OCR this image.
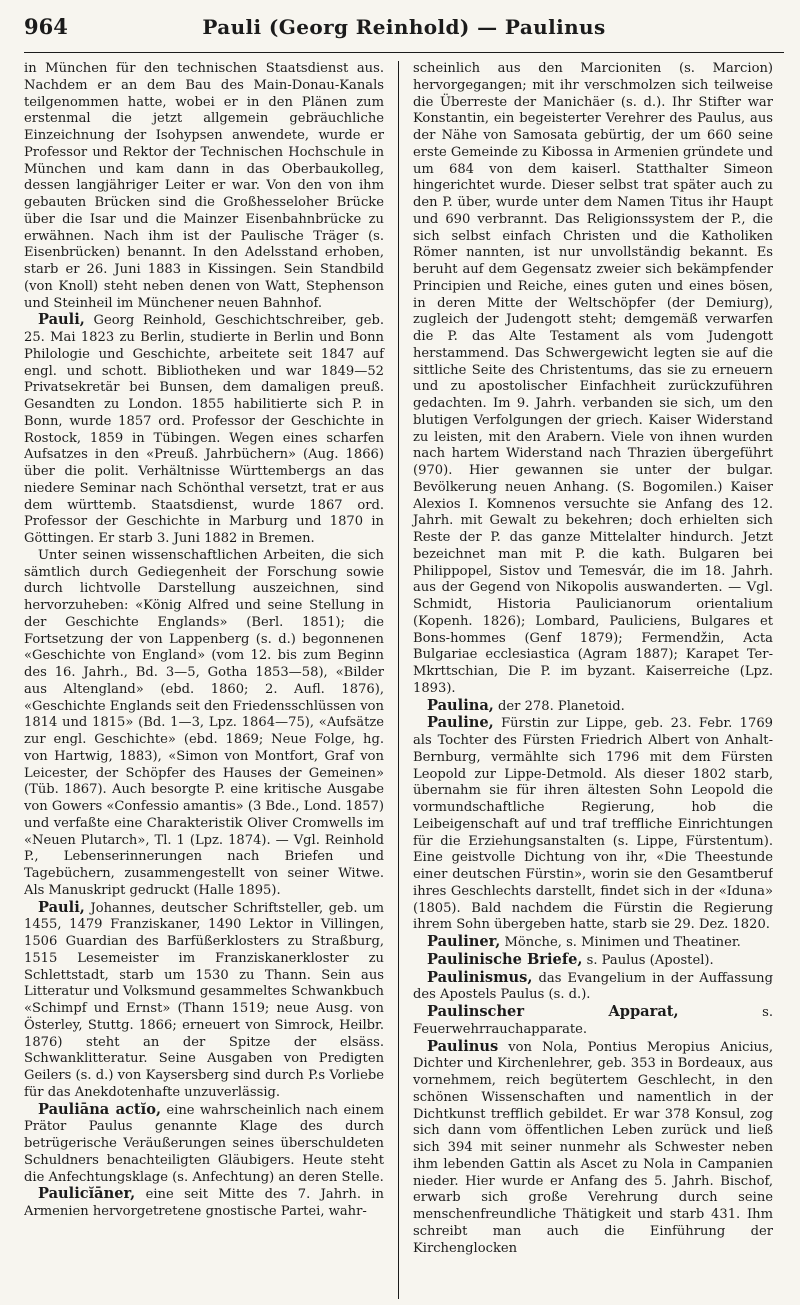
964	Pauli (Georg Reinhold) — Paulinus

in München für den technischen Staatsdienst aus. Nachdem er an dem Bau des Main-Donau-Kanals teilgenommen hatte, wobei er in den Plänen zum erstenmal die jetzt allgemein gebräuchliche Einzeichnung der Isohypsen anwendete, wurde er Professor und Rektor der Technischen Hochschule in München und kam dann in das Oberbaukolleg, dessen langjähriger Leiter er war. Von den von ihm gebauten Brücken sind die Großhesseloher Brücke über die Isar und die Mainzer Eisenbahnbrücke zu erwähnen. Nach ihm ist der Paulische Träger (s. Eisenbrücken) benannt. In den Adelsstand erhoben, starb er 26. Juni 1883 in Kissingen. Sein Standbild (von Knoll) steht neben denen von Watt, Stephenson und Steinheil im Münchener neuen Bahnhof.

Pauli, Georg Reinhold, Geschichtschreiber, geb. 25. Mai 1823 zu Berlin, studierte in Berlin und Bonn Philologie und Geschichte, arbeitete seit 1847 auf engl. und schott. Bibliotheken und war 1849—52 Privatsekretär bei Bunsen, dem damaligen preuß. Gesandten zu London. 1855 habilitierte sich P. in Bonn, wurde 1857 ord. Professor der Geschichte in Rostock, 1859 in Tübingen. Wegen eines scharfen Aufsatzes in den «Preuß. Jahrbüchern» (Aug. 1866) über die polit. Verhältnisse Württembergs an das niedere Seminar nach Schönthal versetzt, trat er aus dem württemb. Staatsdienst, wurde 1867 ord. Professor der Geschichte in Marburg und 1870 in Göttingen. Er starb 3. Juni 1882 in Bremen.

Unter seinen wissenschaftlichen Arbeiten, die sich sämtlich durch Gediegenheit der Forschung sowie durch lichtvolle Darstellung auszeichnen, sind hervorzuheben: «König Alfred und seine Stellung in der Geschichte Englands» (Berl. 1851); die Fortsetzung der von Lappenberg (s. d.) begonnenen «Geschichte von England» (vom 12. bis zum Beginn des 16. Jahrh., Bd. 3—5, Gotha 1853—58), «Bilder aus Altengland» (ebd. 1860; 2. Aufl. 1876), «Geschichte Englands seit den Friedensschlüssen von 1814 und 1815» (Bd. 1—3, Lpz. 1864—75), «Aufsätze zur engl. Geschichte» (ebd. 1869; Neue Folge, hg. von Hartwig, 1883), «Simon von Montfort, Graf von Leicester, der Schöpfer des Hauses der Gemeinen» (Tüb. 1867). Auch besorgte P. eine kritische Ausgabe von Gowers «Confessio amantis» (3 Bde., Lond. 1857) und verfaßte eine Charakteristik Oliver Cromwells im «Neuen Plutarch», Tl. 1 (Lpz. 1874). — Vgl. Reinhold P., Lebenserinnerungen nach Briefen und Tagebüchern, zusammengestellt von seiner Witwe. Als Manuskript gedruckt (Halle 1895).

Pauli, Johannes, deutscher Schriftsteller, geb. um 1455, 1479 Franziskaner, 1490 Lektor in Villingen, 1506 Guardian des Barfüßerklosters zu Straßburg, 1515 Lesemeister im Franziskanerkloster zu Schlettstadt, starb um 1530 zu Thann. Sein aus Litteratur und Volksmund gesammeltes Schwankbuch «Schimpf und Ernst» (Thann 1519; neue Ausg. von Österley, Stuttg. 1866; erneuert von Simrock, Heilbr. 1876) steht an der Spitze der elsäss. Schwanklitteratur. Seine Ausgaben von Predigten Geilers (s. d.) von Kaysersberg sind durch P.s Vorliebe für das Anekdotenhafte unzuverlässig.

Pauliāna actĭo, eine wahrscheinlich nach einem Prätor Paulus genannte Klage des durch betrügerische Veräußerungen seines überschuldeten Schuldners benachteiligten Gläubigers. Heute steht die Anfechtungsklage (s. Anfechtung) an deren Stelle.

Paulicĭāner, eine seit Mitte des 7. Jahrh. in Armenien hervorgetretene gnostische Partei, wahr-

scheinlich aus den Marcioniten (s. Marcion) hervorgegangen; mit ihr verschmolzen sich teilweise die Überreste der Manichäer (s. d.). Ihr Stifter war Konstantin, ein begeisterter Verehrer des Paulus, aus der Nähe von Samosata gebürtig, der um 660 seine erste Gemeinde zu Kibossa in Armenien gründete und um 684 von dem kaiserl. Statthalter Simeon hingerichtet wurde. Dieser selbst trat später auch zu den P. über, wurde unter dem Namen Titus ihr Haupt und 690 verbrannt. Das Religionssystem der P., die sich selbst einfach Christen und die Katholiken Römer nannten, ist nur unvollständig bekannt. Es beruht auf dem Gegensatz zweier sich bekämpfender Principien und Reiche, eines guten und eines bösen, in deren Mitte der Weltschöpfer (der Demiurg), zugleich der Judengott steht; demgemäß verwarfen die P. das Alte Testament als vom Judengott herstammend. Das Schwergewicht legten sie auf die sittliche Seite des Christentums, das sie zu erneuern und zu apostolischer Einfachheit zurückzuführen gedachten. Im 9. Jahrh. verbanden sie sich, um den blutigen Verfolgungen der griech. Kaiser Widerstand zu leisten, mit den Arabern. Viele von ihnen wurden nach hartem Widerstand nach Thrazien übergeführt (970). Hier gewannen sie unter der bulgar. Bevölkerung neuen Anhang. (S. Bogomilen.) Kaiser Alexios I. Komnenos versuchte sie Anfang des 12. Jahrh. mit Gewalt zu bekehren; doch erhielten sich Reste der P. das ganze Mittelalter hindurch. Jetzt bezeichnet man mit P. die kath. Bulgaren bei Philippopel, Sistov und Temesvár, die im 18. Jahrh. aus der Gegend von Nikopolis auswanderten. — Vgl. Schmidt, Historia Paulicianorum orientalium (Kopenh. 1826); Lombard, Pauliciens, Bulgares et Bons-hommes (Genf 1879); Fermendžin, Acta Bulgariae ecclesiastica (Agram 1887); Karapet Ter-Mkrttschian, Die P. im byzant. Kaiserreiche (Lpz. 1893).

Paulina, der 278. Planetoid.

Pauline, Fürstin zur Lippe, geb. 23. Febr. 1769 als Tochter des Fürsten Friedrich Albert von Anhalt-Bernburg, vermählte sich 1796 mit dem Fürsten Leopold zur Lippe-Detmold. Als dieser 1802 starb, übernahm sie für ihren ältesten Sohn Leopold die vormundschaftliche Regierung, hob die Leibeigenschaft auf und traf treffliche Einrichtungen für die Erziehungsanstalten (s. Lippe, Fürstentum). Eine geistvolle Dichtung von ihr, «Die Theestunde einer deutschen Fürstin», worin sie den Gesamtberuf ihres Geschlechts darstellt, findet sich in der «Iduna» (1805). Bald nachdem die Fürstin die Regierung ihrem Sohn übergeben hatte, starb sie 29. Dez. 1820.

Pauliner, Mönche, s. Minimen und Theatiner.

Paulinische Briefe, s. Paulus (Apostel).

Paulinismus, das Evangelium in der Auffassung des Apostels Paulus (s. d.).

Paulinscher Apparat, s. Feuerwehrrauchapparate.

Paulinus von Nola, Pontius Meropius Anicius, Dichter und Kirchenlehrer, geb. 353 in Bordeaux, aus vornehmem, reich begütertem Geschlecht, in den schönen Wissenschaften und namentlich in der Dichtkunst trefflich gebildet. Er war 378 Konsul, zog sich dann vom öffentlichen Leben zurück und ließ sich 394 mit seiner nunmehr als Schwester neben ihm lebenden Gattin als Ascet zu Nola in Campanien nieder. Hier wurde er Anfang des 5. Jahrh. Bischof, erwarb sich große Verehrung durch seine menschenfreundliche Thätigkeit und starb 431. Ihm schreibt man auch die Einführung der Kirchenglocken
